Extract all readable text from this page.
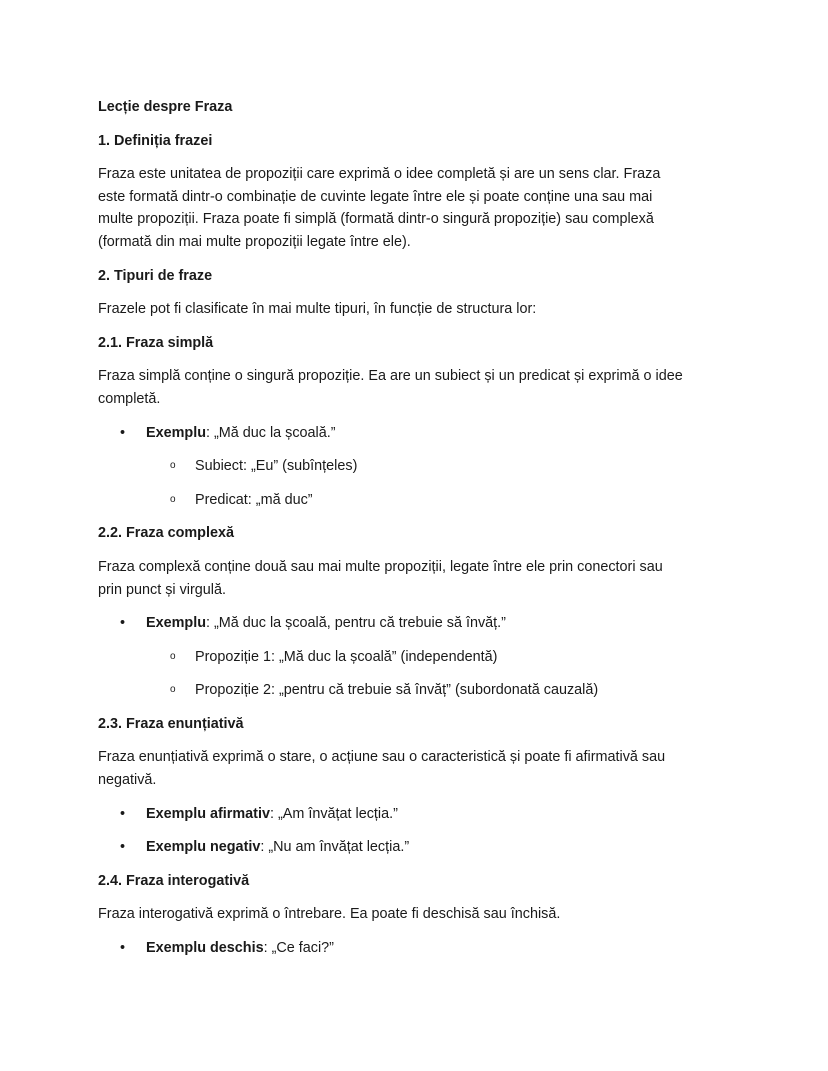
Lecție despre Fraza

1. Definiția frazei

Fraza este unitatea de propoziții care exprimă o idee completă și are un sens clar. Fraza
este formată dintr-o combinație de cuvinte legate între ele și poate conține una sau mai
multe propoziții. Fraza poate fi simplă (formată dintr-o singură propoziție) sau complexă
(formată din mai multe propoziții legate între ele).

2. Tipuri de fraze

Frazele pot fi clasificate în mai multe tipuri, în funcție de structura lor:

2.1. Fraza simplă

Fraza simplă conține o singură propoziție. Ea are un subiect și un predicat și exprimă o idee
completă.
• Exemplu: „Mă duc la școală.”
o Subiect: „Eu” (subînțeles)
o Predicat: „mă duc”

2.2. Fraza complexă

Fraza complexă conține două sau mai multe propoziții, legate între ele prin conectori sau
prin punct și virgulă.
• Exemplu: „Mă duc la școală, pentru că trebuie să învăț.”
o Propoziție 1: „Mă duc la școală” (independentă)
o Propoziție 2: „pentru că trebuie să învăț” (subordonată cauzală)

2.3. Fraza enunțiativă

Fraza enunțiativă exprimă o stare, o acțiune sau o caracteristică și poate fi afirmativă sau
negativă.
• Exemplu afirmativ: „Am învățat lecția.”
• Exemplu negativ: „Nu am învățat lecția.”

2.4. Fraza interogativă

Fraza interogativă exprimă o întrebare. Ea poate fi deschisă sau închisă.

• Exemplu deschis: „Ce faci?”
